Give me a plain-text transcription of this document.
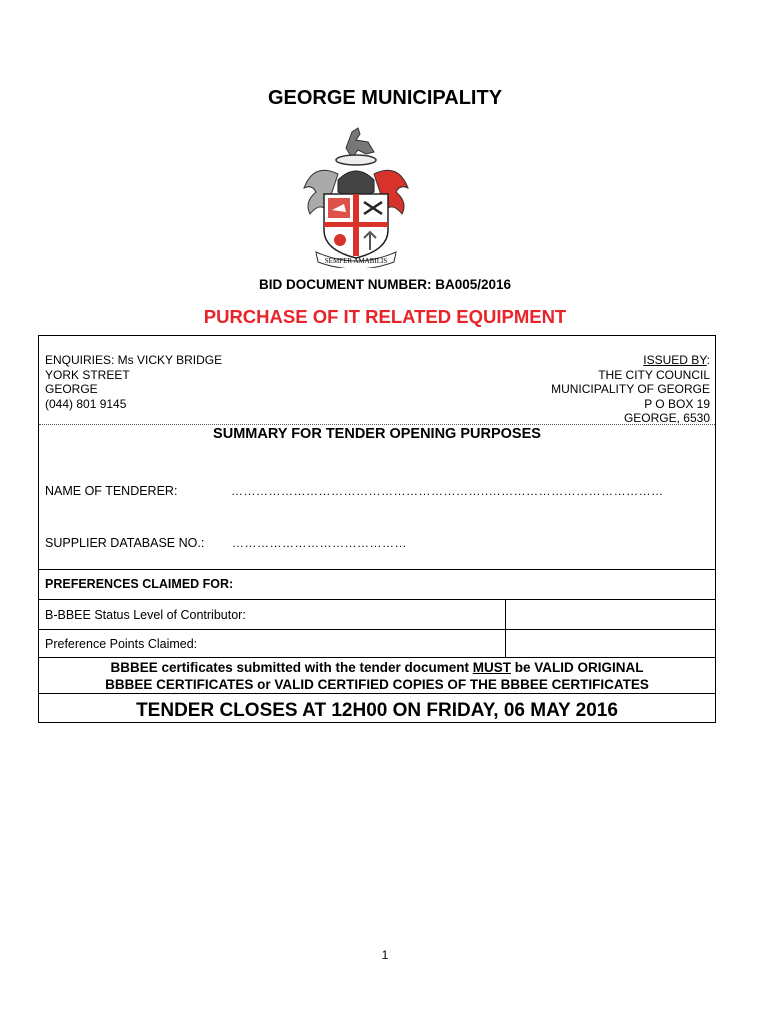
GEORGE MUNICIPALITY
SEMPER AMABILIS
BID DOCUMENT NUMBER: BA005/2016
PURCHASE OF IT RELATED EQUIPMENT
ENQUIRIES: Ms VICKY BRIDGE
YORK STREET
GEORGE
(044) 801 9145
ISSUED BY:
THE CITY COUNCIL
MUNICIPALITY OF GEORGE
P O BOX 19
GEORGE, 6530
SUMMARY FOR TENDER OPENING PURPOSES
NAME OF TENDERER:	……………………………………………………..……………………………………
SUPPLIER DATABASE NO.: ……………………………………
PREFERENCES CLAIMED FOR:
B-BBEE Status Level of Contributor:
Preference Points Claimed:
BBBEE certificates submitted with the tender document MUST be VALID ORIGINAL
BBBEE CERTIFICATES or VALID CERTIFIED COPIES OF THE BBBEE CERTIFICATES
TENDER CLOSES AT 12H00 ON FRIDAY, 06 MAY 2016
1
